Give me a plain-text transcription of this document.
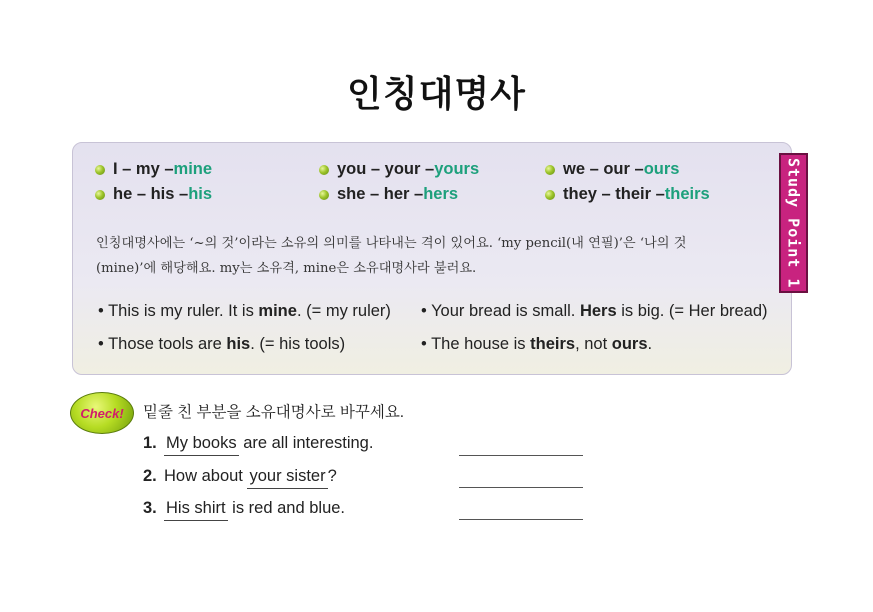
인칭대명사
Study Point 1
I – my – mine	you – your – yours	we – our – ours
he – his – his	she – her – hers	they – their – theirs
인칭대명사에는 ‘~의 것’이라는 소유의 의미를 나타내는 격이 있어요. ‘my pencil(내 연필)’은 ‘나의 것
(mine)’에 해당해요. my는 소유격, mine은 소유대명사라 불러요.
• This is my ruler. It is mine. (= my ruler) • Your bread is small. Hers is big. (= Her bread)
• Those tools are his. (= his tools)	• The house is theirs, not ours.
Check! 밑줄 친 부분을 소유대명사로 바꾸세요.
1. My books are all interesting.
2. How about your sister ?
3. His shirt is red and blue.
